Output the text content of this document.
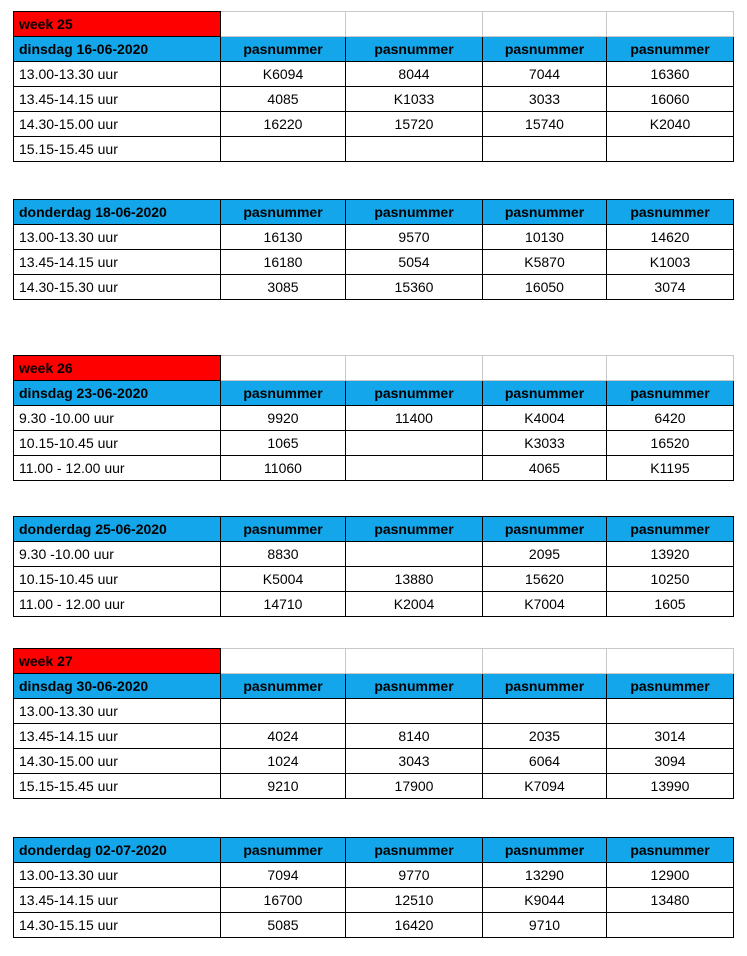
week 25				
dinsdag 16-06-2020	pasnummer	pasnummer	pasnummer	pasnummer
13.00-13.30 uur	K6094	8044	7044	16360
13.45-14.15 uur	4085	K1033	3033	16060
14.30-15.00 uur	16220	15720	15740	K2040
15.15-15.45 uur				
donderdag 18-06-2020	pasnummer	pasnummer	pasnummer	pasnummer
13.00-13.30 uur	16130	9570	10130	14620
13.45-14.15 uur	16180	5054	K5870	K1003
14.30-15.30 uur	3085	15360	16050	3074
week 26				
dinsdag 23-06-2020	pasnummer	pasnummer	pasnummer	pasnummer
9.30 -10.00 uur	9920	11400	K4004	6420
10.15-10.45 uur	1065		K3033	16520
11.00 - 12.00 uur	11060		4065	K1195
donderdag 25-06-2020	pasnummer	pasnummer	pasnummer	pasnummer
9.30 -10.00 uur	8830		2095	13920
10.15-10.45 uur	K5004	13880	15620	10250
11.00 - 12.00 uur	14710	K2004	K7004	1605
week 27				
dinsdag 30-06-2020	pasnummer	pasnummer	pasnummer	pasnummer
13.00-13.30 uur				
13.45-14.15 uur	4024	8140	2035	3014
14.30-15.00 uur	1024	3043	6064	3094
15.15-15.45 uur	9210	17900	K7094	13990
donderdag 02-07-2020	pasnummer	pasnummer	pasnummer	pasnummer
13.00-13.30 uur	7094	9770	13290	12900
13.45-14.15 uur	16700	12510	K9044	13480
14.30-15.15 uur	5085	16420	9710	
